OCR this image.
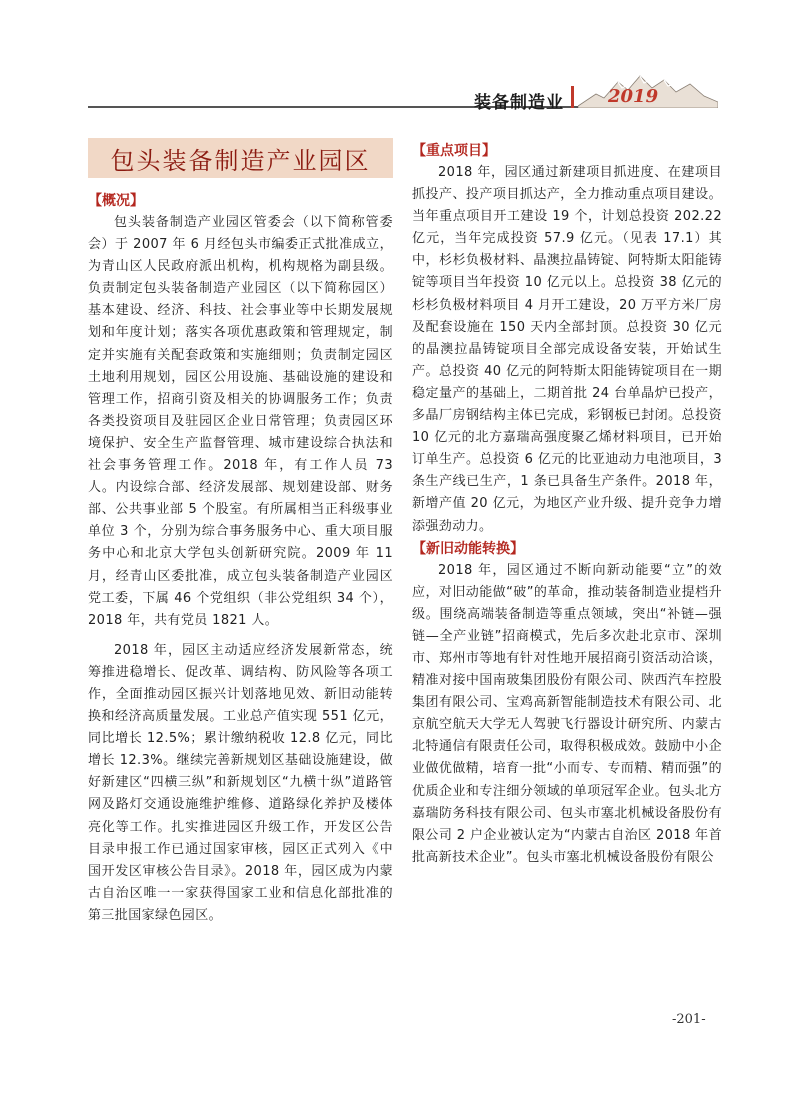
装备制造业 2019
包头装备制造产业园区
【概况】

包头装备制造产业园区管委会（以下简称管委会）于 2007 年 6 月经包头市编委正式批准成立，为青山区人民政府派出机构，机构规格为副县级。负责制定包头装备制造产业园区（以下简称园区）基本建设、经济、科技、社会事业等中长期发展规划和年度计划；落实各项优惠政策和管理规定，制定并实施有关配套政策和实施细则；负责制定园区土地利用规划，园区公用设施、基础设施的建设和管理工作，招商引资及相关的协调服务工作；负责各类投资项目及驻园区企业日常管理；负责园区环境保护、安全生产监督管理、城市建设综合执法和社会事务管理工作。2018 年，有工作人员 73 人。内设综合部、经济发展部、规划建设部、财务部、公共事业部 5 个股室。有所属相当正科级事业单位 3 个，分别为综合事务服务中心、重大项目服务中心和北京大学包头创新研究院。2009 年 11 月，经青山区委批准，成立包头装备制造产业园区党工委，下属 46 个党组织（非公党组织 34 个），2018 年，共有党员 1821 人。

2018 年，园区主动适应经济发展新常态，统筹推进稳增长、促改革、调结构、防风险等各项工作，全面推动园区振兴计划落地见效、新旧动能转换和经济高质量发展。工业总产值实现 551 亿元，同比增长 12.5%；累计缴纳税收 12.8 亿元，同比增长 12.3%。继续完善新规划区基础设施建设，做好新建区“四横三纵”和新规划区“九横十纵”道路管网及路灯交通设施维护维修、道路绿化养护及楼体亮化等工作。扎实推进园区升级工作，开发区公告目录申报工作已通过国家审核，园区正式列入《中国开发区审核公告目录》。2018 年，园区成为内蒙古自治区唯一一家获得国家工业和信息化部批准的第三批国家绿色园区。

【重点项目】

2018 年，园区通过新建项目抓进度、在建项目抓投产、投产项目抓达产，全力推动重点项目建设。当年重点项目开工建设 19 个，计划总投资 202.22 亿元，当年完成投资 57.9 亿元。（见表 17.1）其中，杉杉负极材料、晶澳拉晶铸锭、阿特斯太阳能铸锭等项目当年投资 10 亿元以上。总投资 38 亿元的杉杉负极材料项目 4 月开工建设，20 万平方米厂房及配套设施在 150 天内全部封顶。总投资 30 亿元的晶澳拉晶铸锭项目全部完成设备安装，开始试生产。总投资 40 亿元的阿特斯太阳能铸锭项目在一期稳定量产的基础上，二期首批 24 台单晶炉已投产，多晶厂房钢结构主体已完成，彩钢板已封闭。总投资 10 亿元的北方嘉瑞高强度聚乙烯材料项目，已开始订单生产。总投资 6 亿元的比亚迪动力电池项目，3 条生产线已生产，1 条已具备生产条件。2018 年，新增产值 20 亿元，为地区产业升级、提升竞争力增添强劲动力。

【新旧动能转换】

2018 年，园区通过不断向新动能要“立”的效应，对旧动能做“破”的革命，推动装备制造业提档升级。围绕高端装备制造等重点领域，突出“补链—强链—全产业链”招商模式，先后多次赴北京市、深圳市、郑州市等地有针对性地开展招商引资活动洽谈，精准对接中国南玻集团股份有限公司、陕西汽车控股集团有限公司、宝鸡高新智能制造技术有限公司、北京航空航天大学无人驾驶飞行器设计研究所、内蒙古北特通信有限责任公司，取得积极成效。鼓励中小企业做优做精，培育一批“小而专、专而精、精而强”的优质企业和专注细分领域的单项冠军企业。包头北方嘉瑞防务科技有限公司、包头市塞北机械设备股份有限公司 2 户企业被认定为“内蒙古自治区 2018 年首批高新技术企业”。包头市塞北机械设备股份有限公

-201-
